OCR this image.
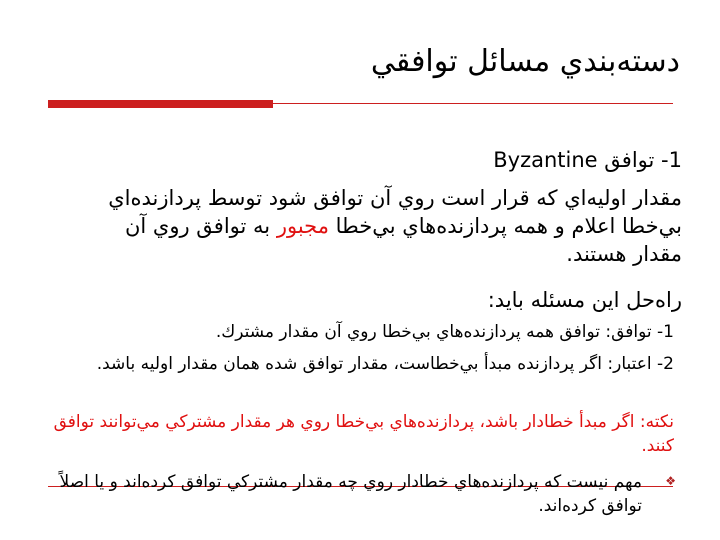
دسته‌بندي مسائل توافقي
1- توافق Byzantine
مقدار اوليه‌اي كه قرار است روي آن توافق شود توسط پردازنده‌اي بي‌خطا اعلام و همه پردازنده‌هاي بي‌خطا مجبور به توافق روي آن مقدار هستند.
راه‌حل اين مسئله بايد:
1- توافق: توافق همه پردازنده‌هاي بي‌خطا روي آن مقدار مشترك.
2- اعتبار: اگر پردازنده مبدأ بي‌خطاست، مقدار توافق شده همان مقدار اوليه باشد.
نكته: اگر مبدأ خطادار باشد، پردازنده‌هاي بي‌خطا روي هر مقدار مشتركي مي‌توانند توافق كنند.
❖
مهم نيست كه پردازنده‌هاي خطادار روي چه مقدار مشتركي توافق كرده‌اند و يا اصلاً توافق كرده‌اند.
